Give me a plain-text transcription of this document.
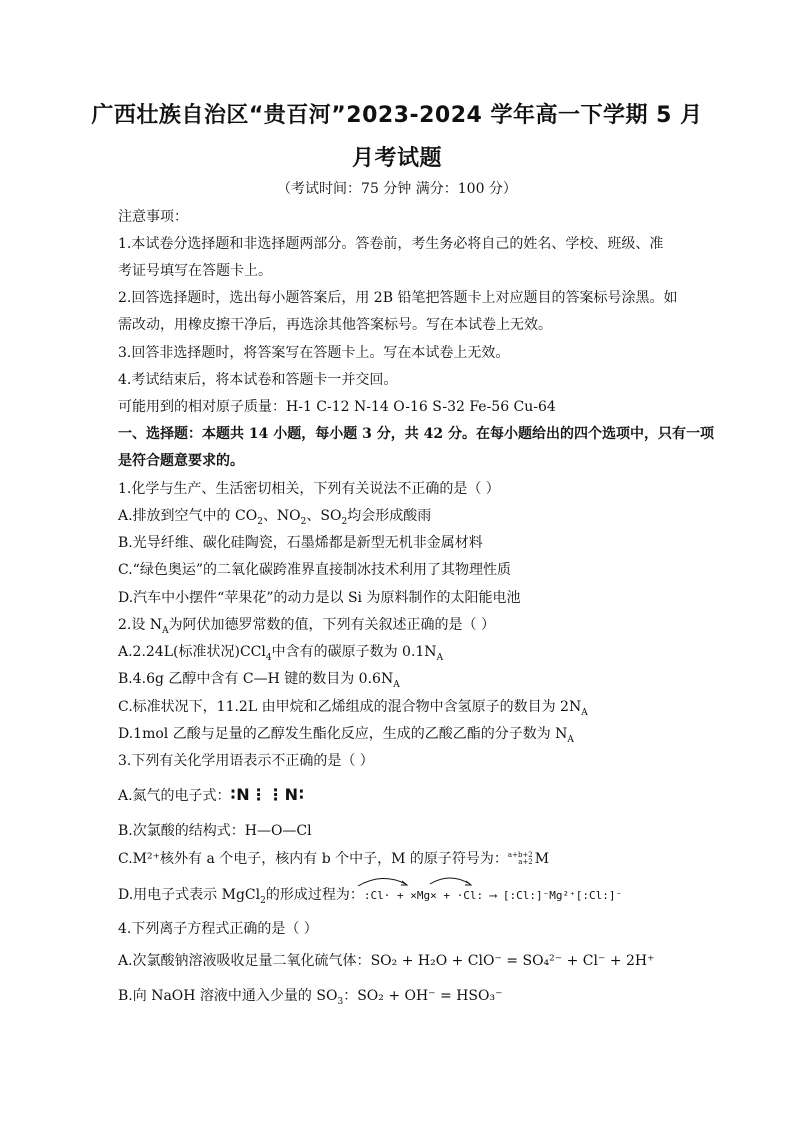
广西壮族自治区“贵百河”2023-2024 学年高一下学期 5 月
月考试题
（考试时间：75 分钟 满分：100 分）
注意事项：
1.本试卷分选择题和非选择题两部分。答卷前，考生务必将自己的姓名、学校、班级、准
考证号填写在答题卡上。
2.回答选择题时，选出每小题答案后，用 2B 铅笔把答题卡上对应题目的答案标号涂黑。如
需改动，用橡皮擦干净后，再选涂其他答案标号。写在本试卷上无效。
3.回答非选择题时，将答案写在答题卡上。写在本试卷上无效。
4.考试结束后，将本试卷和答题卡一并交回。
可能用到的相对原子质量：H-1 C-12 N-14 O-16 S-32 Fe-56 Cu-64
一、选择题：本题共 14 小题，每小题 3 分，共 42 分。在每小题给出的四个选项中，只有一项
是符合题意要求的。
1.化学与生产、生活密切相关，下列有关说法不正确的是（ ）
A.排放到空气中的 $CO_2$、$NO_2$、$SO_2$均会形成酸雨
B.光导纤维、碳化硅陶瓷，石墨烯都是新型无机非金属材料
C.“绿色奥运”的二氧化碳跨准界直接制冰技术利用了其物理性质
D.汽车中小摆件“苹果花”的动力是以 Si 为原料制作的太阳能电池
2.设 $N_A$为阿伏加德罗常数的值，下列有关叙述正确的是（ ）
A.2.24L(标准状况)CCl$_4$中含有的碳原子数为 $0.1N_A$
B.4.6g 乙醇中含有 C—H 键的数目为 $0.6N_A$
C.标准状况下，11.2L 由甲烷和乙烯组成的混合物中含氢原子的数目为 $2N_A$
D.1mol 乙酸与足量的乙醇发生酯化反应，生成的乙酸乙酯的分子数为 $N_A$
3.下列有关化学用语表示不正确的是（ ）
A.氮气的电子式：∶N⋮⋮N∶
B.次氯酸的结构式：H—O—Cl
C.M²⁺核外有 a 个电子，核内有 b 个中子，M 的原子符号为：a+b+2
a+2 M
D.用电子式表示 MgCl$_2$的形成过程为：:Cl· + ×Mg× + ·Cl: ⟶ [:Cl:]⁻Mg²⁺[:Cl:]⁻
4.下列离子方程式正确的是（ ）
A.次氯酸钠溶液吸收足量二氧化硫气体：SO₂ + H₂O + ClO⁻ = SO₄²⁻ + Cl⁻ + 2H⁺
B.向 NaOH 溶液中通入少量的 $SO_3$：SO₂ + OH⁻ = HSO₃⁻
